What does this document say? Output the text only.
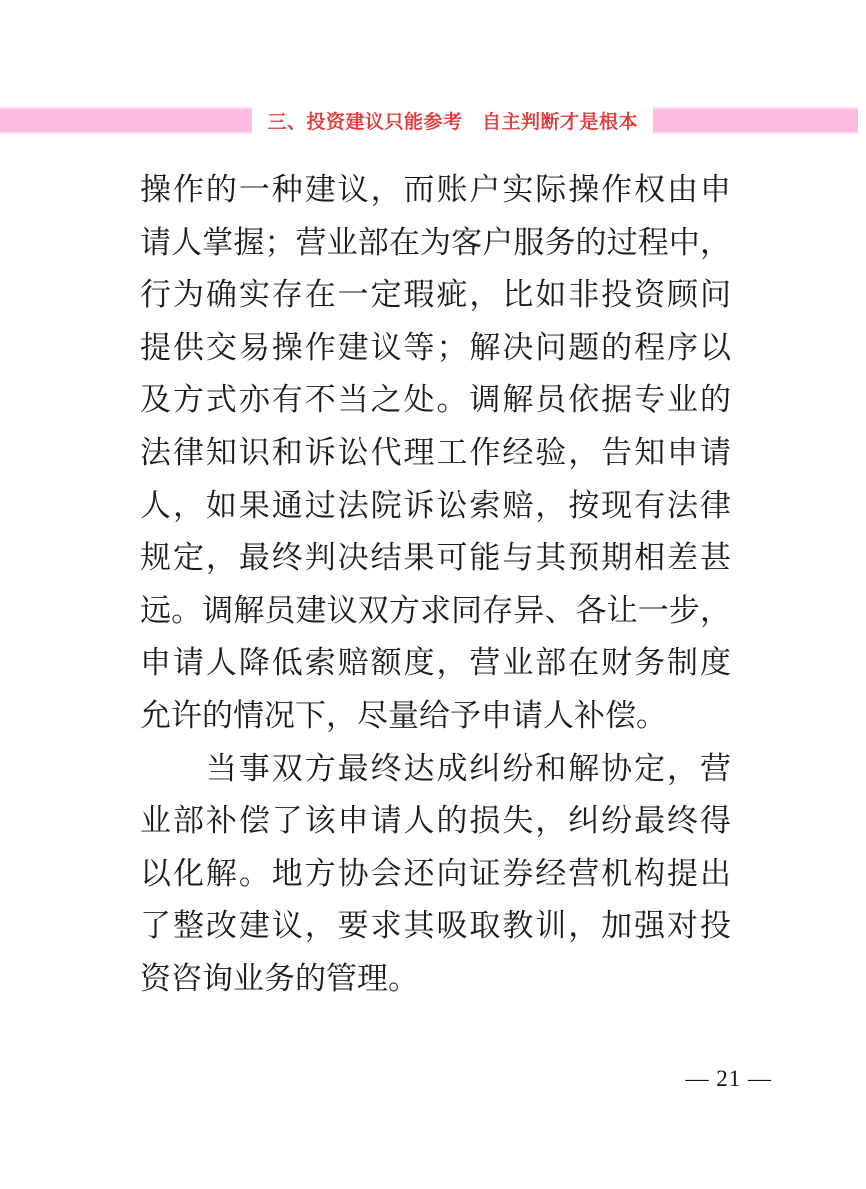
三、投资建议只能参考　自主判断才是根本
操作的一种建议，而账户实际操作权由申
请人掌握；营业部在为客户服务的过程中，
行为确实存在一定瑕疵，比如非投资顾问
提供交易操作建议等；解决问题的程序以
及方式亦有不当之处。调解员依据专业的
法律知识和诉讼代理工作经验，告知申请
人，如果通过法院诉讼索赔，按现有法律
规定，最终判决结果可能与其预期相差甚
远。调解员建议双方求同存异、各让一步，
申请人降低索赔额度，营业部在财务制度
允许的情况下，尽量给予申请人补偿。
　　当事双方最终达成纠纷和解协定，营
业部补偿了该申请人的损失，纠纷最终得
以化解。地方协会还向证券经营机构提出
了整改建议，要求其吸取教训，加强对投
资咨询业务的管理。
— 21 —
